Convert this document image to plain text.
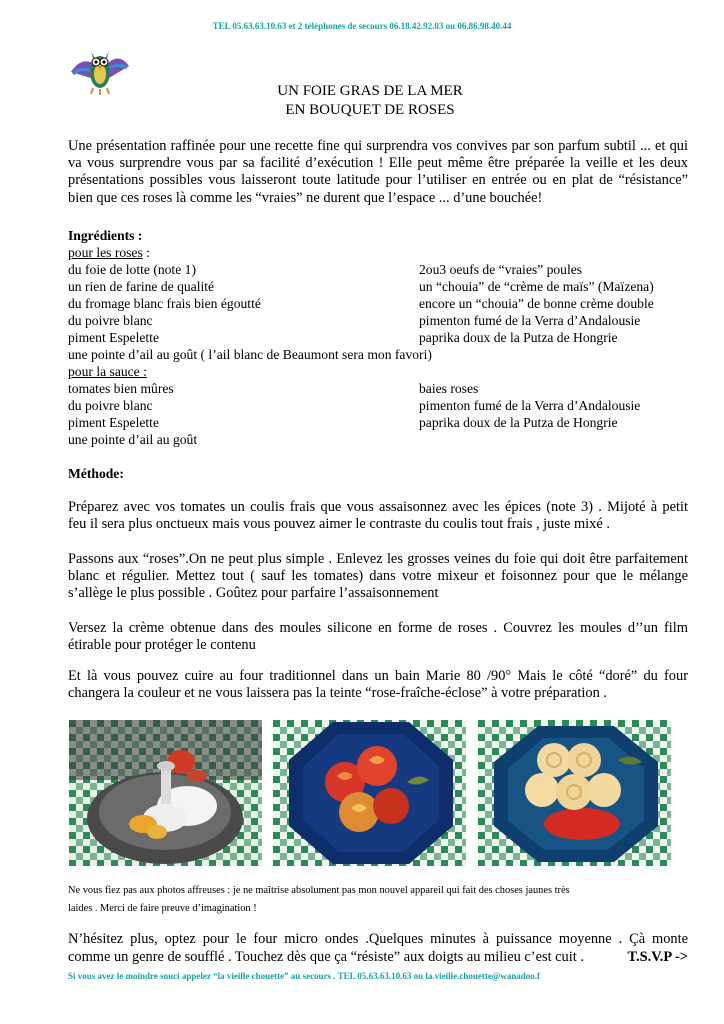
TEL 05.63.63.10.63 et 2 téléphones de secours 06.18.42.92.03 ou 06.86.98.40.44
UN FOIE GRAS DE LA MER
EN BOUQUET DE ROSES
Une présentation raffinée pour une recette fine qui surprendra vos convives par son parfum subtil ... et qui
va vous surprendre vous par sa facilité d’exécution ! Elle peut même être préparée la veille et les deux
présentations possibles vous laisseront toute latitude pour l’utiliser en entrée ou en plat de “résistance”
bien que ces roses là comme les “vraies” ne durent que l’espace ... d’une bouchée!
Ingrédients :
pour les roses :
du foie de lotte (note 1)	2ou3 oeufs de “vraies” poules
un rien de farine de qualité	un “chouia” de “crème de maïs” (Maïzena)
du fromage blanc frais bien égoutté	encore un “chouia” de bonne crème double
du poivre blanc	pimenton fumé de la Verra d’Andalousie
piment Espelette	paprika doux de la Putza de Hongrie
une pointe d’ail au goût ( l’ail blanc de Beaumont sera mon favori)
pour la sauce :
tomates bien mûres	baies roses
du poivre blanc	pimenton fumé de la Verra d’Andalousie
piment Espelette	paprika doux de la Putza de Hongrie
une pointe d’ail au goût
Méthode:
Préparez avec vos tomates un coulis frais que vous assaisonnez avec les épices (note 3) . Mijoté à petit
feu il sera plus onctueux mais vous pouvez aimer le contraste du coulis tout frais , juste mixé .
Passons aux “roses”.On ne peut plus simple . Enlevez les grosses veines du foie qui doit être parfaitement
blanc et régulier. Mettez tout ( sauf les tomates) dans votre mixeur et foisonnez pour que le mélange
s’allège le plus possible . Goûtez pour parfaire l’assaisonnement
Versez la crème obtenue dans des moules silicone en forme de roses . Couvrez les moules d’’un film
étirable pour protéger le contenu
Et là vous pouvez cuire au four traditionnel dans un bain Marie 80 /90° Mais le côté “doré” du four
changera la couleur et ne vous laissera pas la teinte “rose-fraîche-éclose” à votre préparation .
Ne vous fiez pas aux photos affreuses : je ne maîtrise absolument pas mon nouvel appareil qui fait des choses jaunes très
laides . Merci de faire preuve d’imagination !
N’hésitez plus, optez pour le four micro ondes .Quelques minutes à puissance moyenne . Çà monte
comme un genre de soufflé . Touchez dès que ça “résiste” aux doigts au milieu c’est cuit .	T.S.V.P ->
Si vous avez le moindre souci appelez “la vieille chouette” au secours . TEL 05.63.63.10.63 ou la.vieille.chouette@wanadoo.f
